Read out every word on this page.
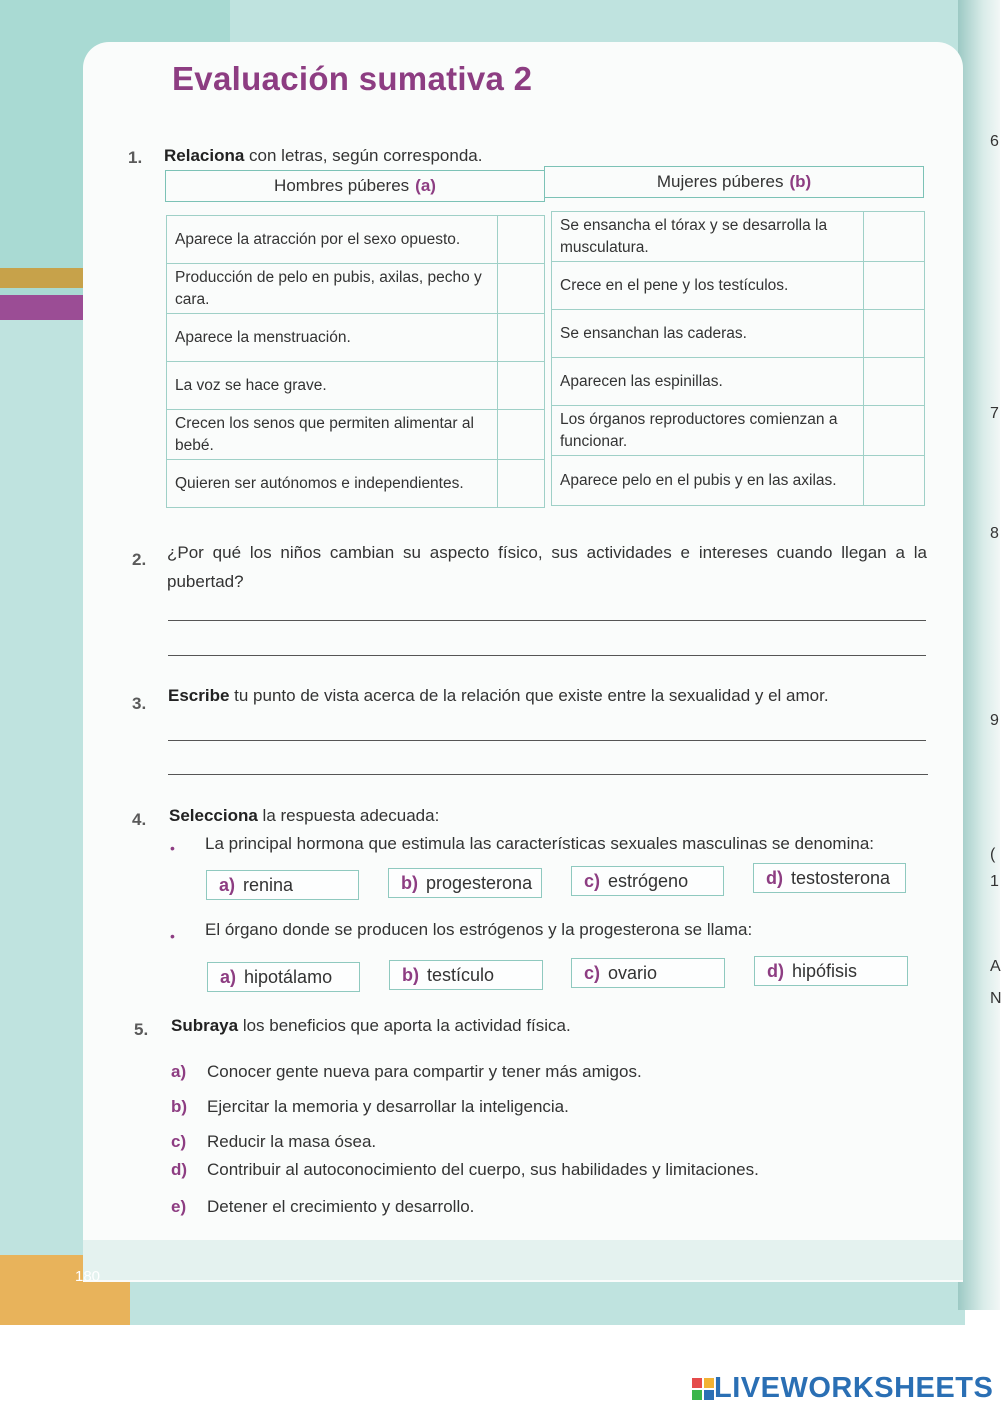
6
7
8
9
(
1
A
N
Evaluación sumativa 2
1. Relaciona con letras, según corresponda.
Hombres púberes (a)	Mujeres púberes (b)
Aparece la atracción por el sexo opuesto.	
Producción de pelo en pubis, axilas, pecho y cara.	
Aparece la menstruación.	
La voz se hace grave.	
Crecen los senos que permiten alimentar al bebé.	
Quieren ser autónomos e independientes.	
Se ensancha el tórax y se desarrolla la musculatura.	
Crece en el pene y los testículos.	
Se ensanchan las caderas.	
Aparecen las espinillas.	
Los órganos reproductores comienzan a funcionar.	
Aparece pelo en el pubis y en las axilas.	
2. ¿Por qué los niños cambian su aspecto físico, sus actividades e intereses cuando llegan a la pubertad?
3. Escribe tu punto de vista acerca de la relación que existe entre la sexualidad y el amor.
4. Selecciona la respuesta adecuada:
• La principal hormona que estimula las características sexuales masculinas se denomina:
a) renina	b) progesterona	c) estrógeno	d) testosterona
• El órgano donde se producen los estrógenos y la progesterona se llama:
a) hipotálamo	b) testículo	c) ovario	d) hipófisis
5. Subraya los beneficios que aporta la actividad física.
a) Conocer gente nueva para compartir y tener más amigos.
b) Ejercitar la memoria y desarrollar la inteligencia.
c) Reducir la masa ósea.
d) Contribuir al autoconocimiento del cuerpo, sus habilidades y limitaciones.
e) Detener el crecimiento y desarrollo.
180
LIVEWORKSHEETS
